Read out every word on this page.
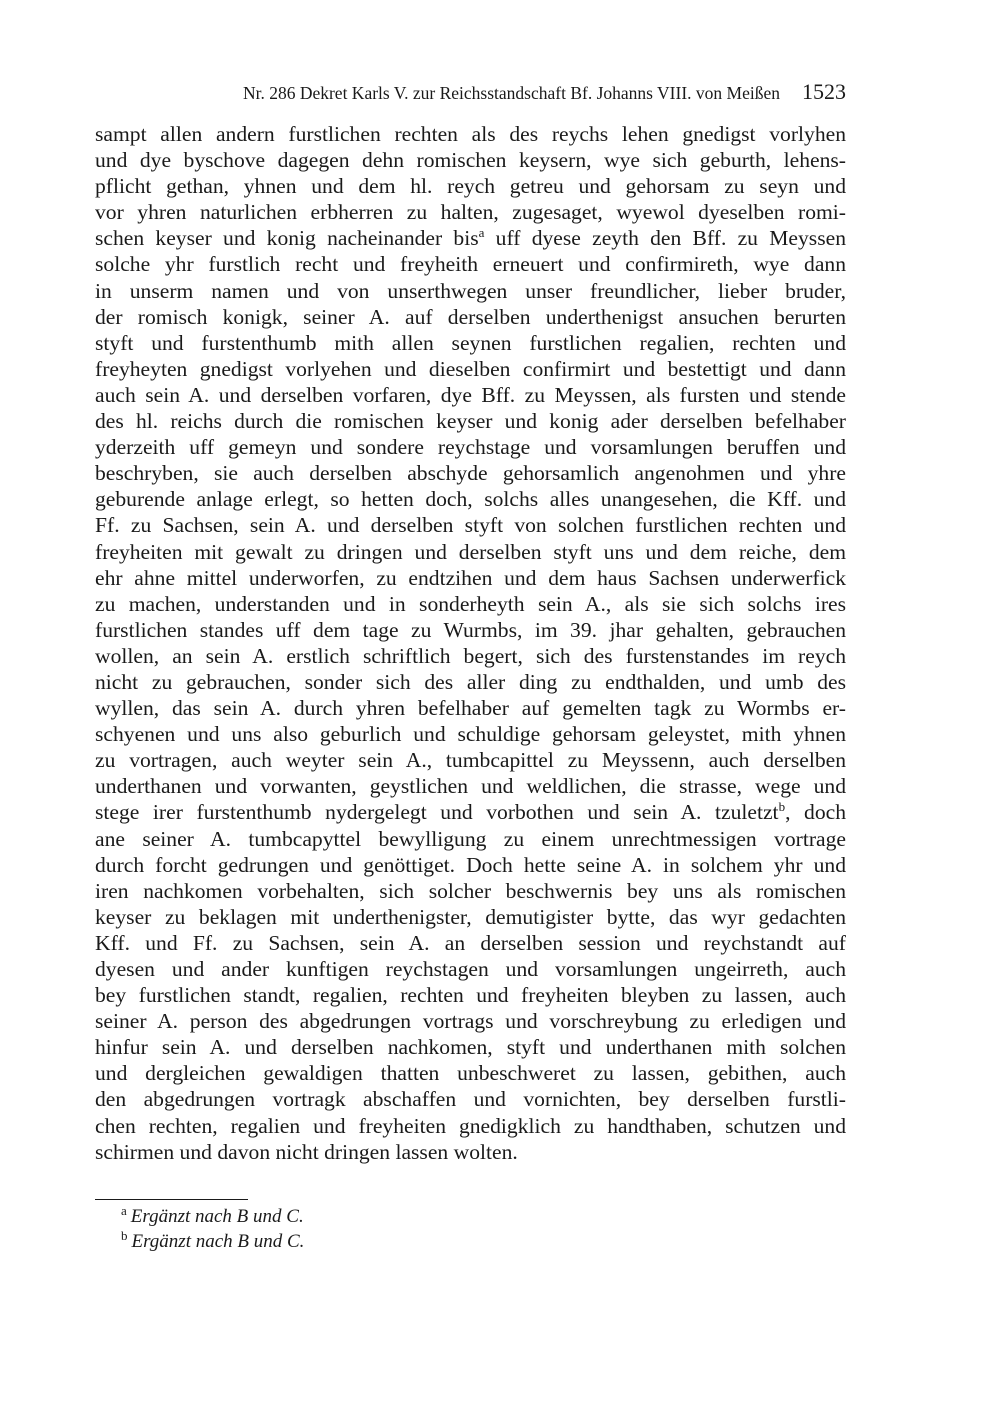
Nr. 286 Dekret Karls V. zur Reichsstandschaft Bf. Johanns VIII. von Meißen 1523
sampt allen andern furstlichen rechten als des reychs lehen gnedigst vorlyhen
und dye byschove dagegen dehn romischen keysern, wye sich geburth, lehens-
pflicht gethan, yhnen und dem hl. reych getreu und gehorsam zu seyn und
vor yhren naturlichen erbherren zu halten, zugesaget, wyewol dyeselben romi-
schen keyser und konig nacheinander bis$^a$ uff dyese zeyth den Bff. zu Meyssen
solche yhr furstlich recht und freyheith erneuert und confirmireth, wye dann
in unserm namen und von unserthwegen unser freundlicher, lieber bruder,
der romisch konigk, seiner A. auf derselben underthenigst ansuchen berurten
styft und furstenthumb mith allen seynen furstlichen regalien, rechten und
freyheyten gnedigst vorlyehen und dieselben confirmirt und bestettigt und dann
auch sein A. und derselben vorfaren, dye Bff. zu Meyssen, als fursten und stende
des hl. reichs durch die romischen keyser und konig ader derselben befelhaber
yderzeith uff gemeyn und sondere reychstage und vorsamlungen beruffen und
beschryben, sie auch derselben abschyde gehorsamlich angenohmen und yhre
geburende anlage erlegt, so hetten doch, solchs alles unangesehen, die Kff. und
Ff. zu Sachsen, sein A. und derselben styft von solchen furstlichen rechten und
freyheiten mit gewalt zu dringen und derselben styft uns und dem reiche, dem
ehr ahne mittel underworfen, zu endtzihen und dem haus Sachsen underwerfick
zu machen, understanden und in sonderheyth sein A., als sie sich solchs ires
furstlichen standes uff dem tage zu Wurmbs, im 39. jhar gehalten, gebrauchen
wollen, an sein A. erstlich schriftlich begert, sich des furstenstandes im reych
nicht zu gebrauchen, sonder sich des aller ding zu endthalden, und umb des
wyllen, das sein A. durch yhren befelhaber auf gemelten tagk zu Wormbs er-
schyenen und uns also geburlich und schuldige gehorsam geleystet, mith yhnen
zu vortragen, auch weyter sein A., tumbcapittel zu Meyssenn, auch derselben
underthanen und vorwanten, geystlichen und weldlichen, die strasse, wege und
stege irer furstenthumb nydergelegt und vorbothen und sein A. tzuletzt$^b$, doch
ane seiner A. tumbcapyttel bewylligung zu einem unrechtmessigen vortrage
durch forcht gedrungen und genöttiget. Doch hette seine A. in solchem yhr und
iren nachkomen vorbehalten, sich solcher beschwernis bey uns als romischen
keyser zu beklagen mit underthenigster, demutigister bytte, das wyr gedachten
Kff. und Ff. zu Sachsen, sein A. an derselben session und reychstandt auf
dyesen und ander kunftigen reychstagen und vorsamlungen ungeirreth, auch
bey furstlichen standt, regalien, rechten und freyheiten bleyben zu lassen, auch
seiner A. person des abgedrungen vortrags und vorschreybung zu erledigen und
hinfur sein A. und derselben nachkomen, styft und underthanen mith solchen
und dergleichen gewaldigen thatten unbeschweret zu lassen, gebithen, auch
den abgedrungen vortragk abschaffen und vornichten, bey derselben furstli-
chen rechten, regalien und freyheiten gnedigklich zu handthaben, schutzen und
schirmen und davon nicht dringen lassen wolten.
$^a$ Ergänzt nach B und C.
$^b$ Ergänzt nach B und C.
